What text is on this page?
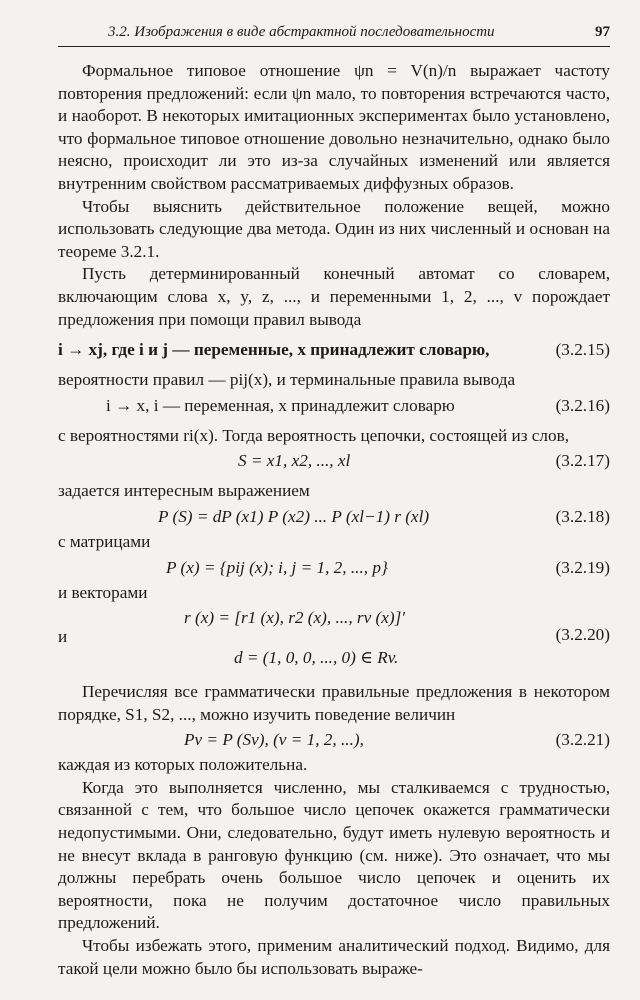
3.2. Изображения в виде абстрактной последовательности	97

Формальное типовое отношение ψn = V(n)/n выражает частоту повторения предложений: если ψn мало, то повторения встречаются часто, и наоборот. В некоторых имитационных экспериментах было установлено, что формальное типовое отношение довольно незначительно, однако было неясно, происходит ли это из-за случайных изменений или является внутренним свойством рассматриваемых диффузных образов.

Чтобы выяснить действительное положение вещей, можно использовать следующие два метода. Один из них численный и основан на теореме 3.2.1.

Пусть детерминированный конечный автомат со словарем, включающим слова x, y, z, ..., и переменными 1, 2, ..., v порождает предложения при помощи правил вывода

i → xj, где i и j — переменные, x принадлежит словарю,	(3.2.15)

вероятности правил — pij(x), и терминальные правила вывода

i → x, i — переменная, x принадлежит словарю	(3.2.16)

с вероятностями ri(x). Тогда вероятность цепочки, состоящей из слов,

S = x1, x2, ..., xl	(3.2.17)

задается интересным выражением

P (S) = dP (x1) P (x2) ... P (xl−1) r (xl)	(3.2.18)

с матрицами

P (x) = {pij (x); i, j = 1, 2, ..., p}	(3.2.19)

и векторами

r (x) = [r1 (x), r2 (x), ..., rv (x)]′
и
d = (1, 0, 0, ..., 0) ∈ Rv.
(3.2.20)

Перечисляя все грамматически правильные предложения в некотором порядке, S1, S2, ..., можно изучить поведение величин

Pv = P (Sv), (v = 1, 2, ...),	(3.2.21)

каждая из которых положительна.

Когда это выполняется численно, мы сталкиваемся с трудностью, связанной с тем, что большое число цепочек окажется грамматически недопустимыми. Они, следовательно, будут иметь нулевую вероятность и не внесут вклада в ранговую функцию (см. ниже). Это означает, что мы должны перебрать очень большое число цепочек и оценить их вероятности, пока не получим достаточное число правильных предложений.

Чтобы избежать этого, применим аналитический подход. Видимо, для такой цели можно было бы использовать выраже-
